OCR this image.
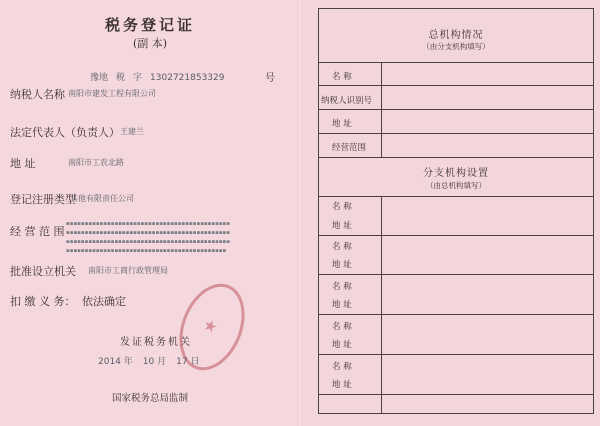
税务登记证
(副 本)
豫地 税 字 1302721853329	号
纳税人名称 南阳市建发工程有限公司
法定代表人（负责人） 王建兰
地 址	南阳市工农北路
登记注册类型
其他有限责任公司
经 营 范 围
▪▪▪▪▪▪▪▪▪▪▪▪▪▪▪▪▪▪▪▪▪▪▪▪▪▪▪▪▪▪▪▪▪▪▪▪▪▪▪▪▪▪▪▪
▪▪▪▪▪▪▪▪▪▪▪▪▪▪▪▪▪▪▪▪▪▪▪▪▪▪▪▪▪▪▪▪▪▪▪▪▪▪▪▪▪▪▪▪
▪▪▪▪▪▪▪▪▪▪▪▪▪▪▪▪▪▪▪▪▪▪▪▪▪▪▪▪▪▪▪▪▪▪▪▪▪▪▪▪▪▪▪▪
▪▪▪▪▪▪▪▪▪▪▪▪▪▪▪▪▪▪▪▪▪▪▪▪▪▪▪▪▪▪▪▪▪▪▪▪▪▪▪▪▪▪▪
批准设立机关 南阳市工商行政管理局
扣 缴 义 务： 依法确定
★
发证税务机关
2014 年 10 月 17 日
国家税务总局监制
总机构情况
（由分支机构填写）
名 称
纳税人识别号
地 址
经营范围
分支机构设置
（由总机构填写）
名 称
地 址
名 称
地 址
名 称
地 址
名 称
地 址
名 称
地 址
